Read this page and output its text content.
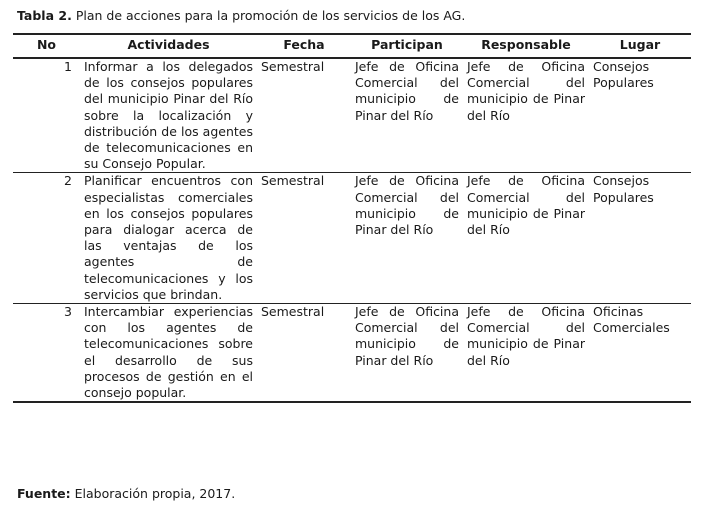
Tabla 2. Plan de acciones para la promoción de los servicios de los AG.
No	Actividades	Fecha	Participan	Responsable	Lugar
1	Informar a los delegados de los consejos populares del municipio Pinar del Río sobre la localización y distribución de los agentes de telecomunicaciones en su Consejo Popular.	Semestral	Jefe de Oficina Comercial del municipio de Pinar del Río	Jefe de Oficina Comercial del municipio de Pinar del Río	Consejos Populares
2	Planificar encuentros con especialistas comerciales en los consejos populares para dialogar acerca de las ventajas de los agentes de telecomunicaciones y los servicios que brindan.	Semestral	Jefe de Oficina Comercial del municipio de Pinar del Río	Jefe de Oficina Comercial del municipio de Pinar del Río	Consejos Populares
3	Intercambiar experiencias con los agentes de telecomunicaciones sobre el desarrollo de sus procesos de gestión en el consejo popular.	Semestral	Jefe de Oficina Comercial del municipio de Pinar del Río	Jefe de Oficina Comercial del municipio de Pinar del Río	Oficinas Comerciales
Fuente: Elaboración propia, 2017.
